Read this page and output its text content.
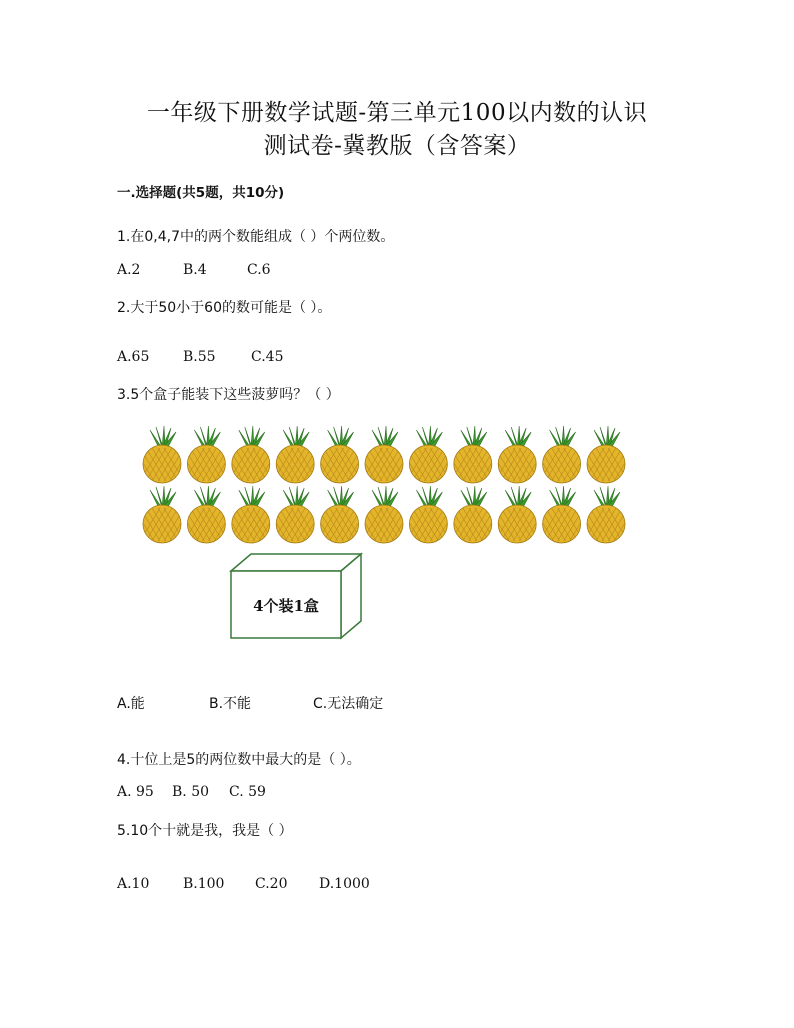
一年级下册数学试题-第三单元100以内数的认识
测试卷-冀教版（含答案）
一.选择题(共5题，共10分)
1.在0,4,7中的两个数能组成（ ）个两位数。
A.2	B.4	C.6
2.大于50小于60的数可能是（ ）。
A.65 B.55	C.45
3.5个盒子能装下这些菠萝吗？（ ）
4个装1盒
A.能	B.不能	C.无法确定
4.十位上是5的两位数中最大的是（ ）。
A. 95 B. 50 C. 59
5.10个十就是我，我是（ ）
A.10 B.100 C.20 D.1000
